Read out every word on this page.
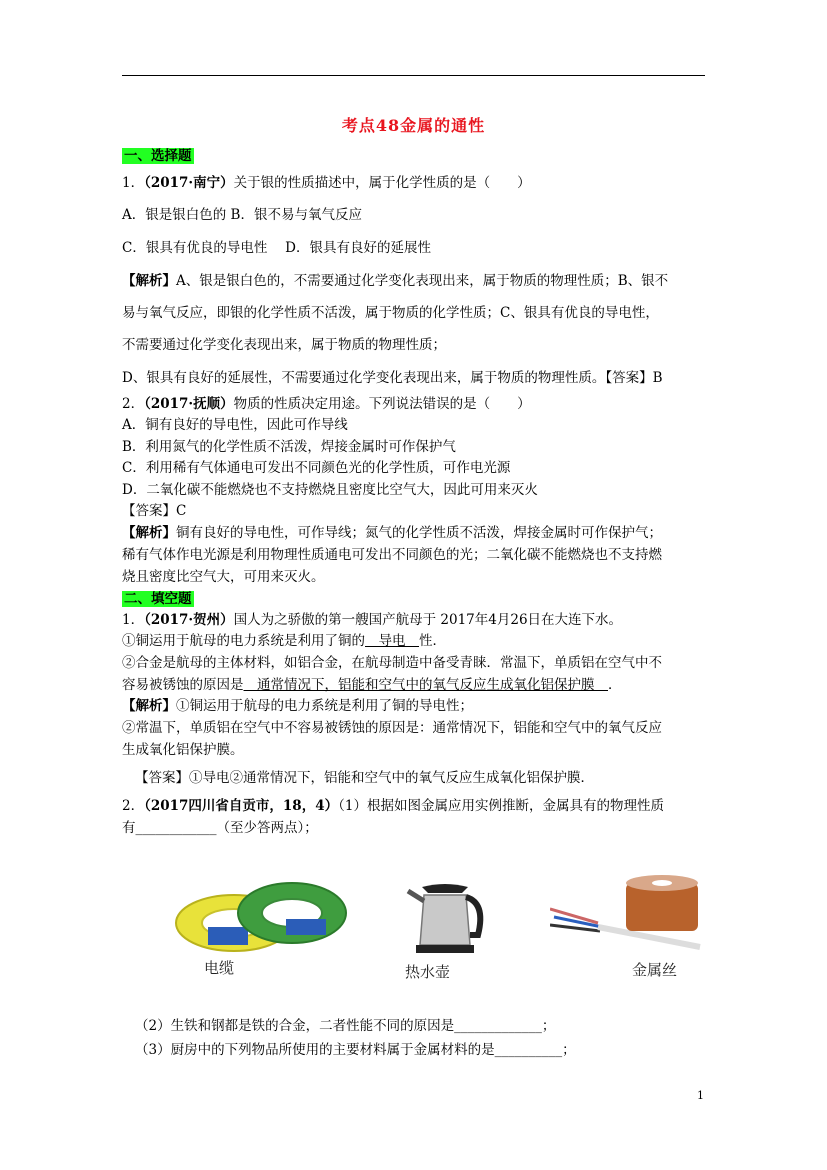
考点48金属的通性
一、选择题
1．（2017·南宁）关于银的性质描述中，属于化学性质的是（　　）
A．银是银白色的 B．银不易与氧气反应
C．银具有优良的导电性　 D．银具有良好的延展性
【解析】A、银是银白色的，不需要通过化学变化表现出来，属于物质的物理性质；B、银不
易与氧气反应，即银的化学性质不活泼，属于物质的化学性质；C、银具有优良的导电性，
不需要通过化学变化表现出来，属于物质的物理性质；
D、银具有良好的延展性，不需要通过化学变化表现出来，属于物质的物理性质。【答案】B
2．（2017·抚顺）物质的性质决定用途。下列说法错误的是（　　）
A．铜有良好的导电性，因此可作导线
B．利用氮气的化学性质不活泼，焊接金属时可作保护气
C．利用稀有气体通电可发出不同颜色光的化学性质，可作电光源
D．二氧化碳不能燃烧也不支持燃烧且密度比空气大，因此可用来灭火
【答案】C
【解析】铜有良好的导电性，可作导线；氮气的化学性质不活泼，焊接金属时可作保护气；
稀有气体作电光源是利用物理性质通电可发出不同颜色的光；二氧化碳不能燃烧也不支持燃
烧且密度比空气大，可用来灭火。
二、填空题
1．（2017·贺州）国人为之骄傲的第一艘国产航母于 2017年4月26日在大连下水。
①铜运用于航母的电力系统是利用了铜的　导电　性．
②合金是航母的主体材料，如铝合金，在航母制造中备受青睐．常温下，单质铝在空气中不
容易被锈蚀的原因是　通常情况下，铝能和空气中的氧气反应生成氧化铝保护膜　．
【解析】①铜运用于航母的电力系统是利用了铜的导电性；
②常温下，单质铝在空气中不容易被锈蚀的原因是：通常情况下，铝能和空气中的氧气反应
生成氧化铝保护膜。
【答案】①导电②通常情况下，铝能和空气中的氧气反应生成氧化铝保护膜．
2．（2017四川省自贡市，18，4）（1）根据如图金属应用实例推断，金属具有的物理性质
有____________（至少答两点）；
电缆	热水壶	金属丝
（2）生铁和钢都是铁的合金，二者性能不同的原因是_____________；
（3）厨房中的下列物品所使用的主要材料属于金属材料的是__________；
1
